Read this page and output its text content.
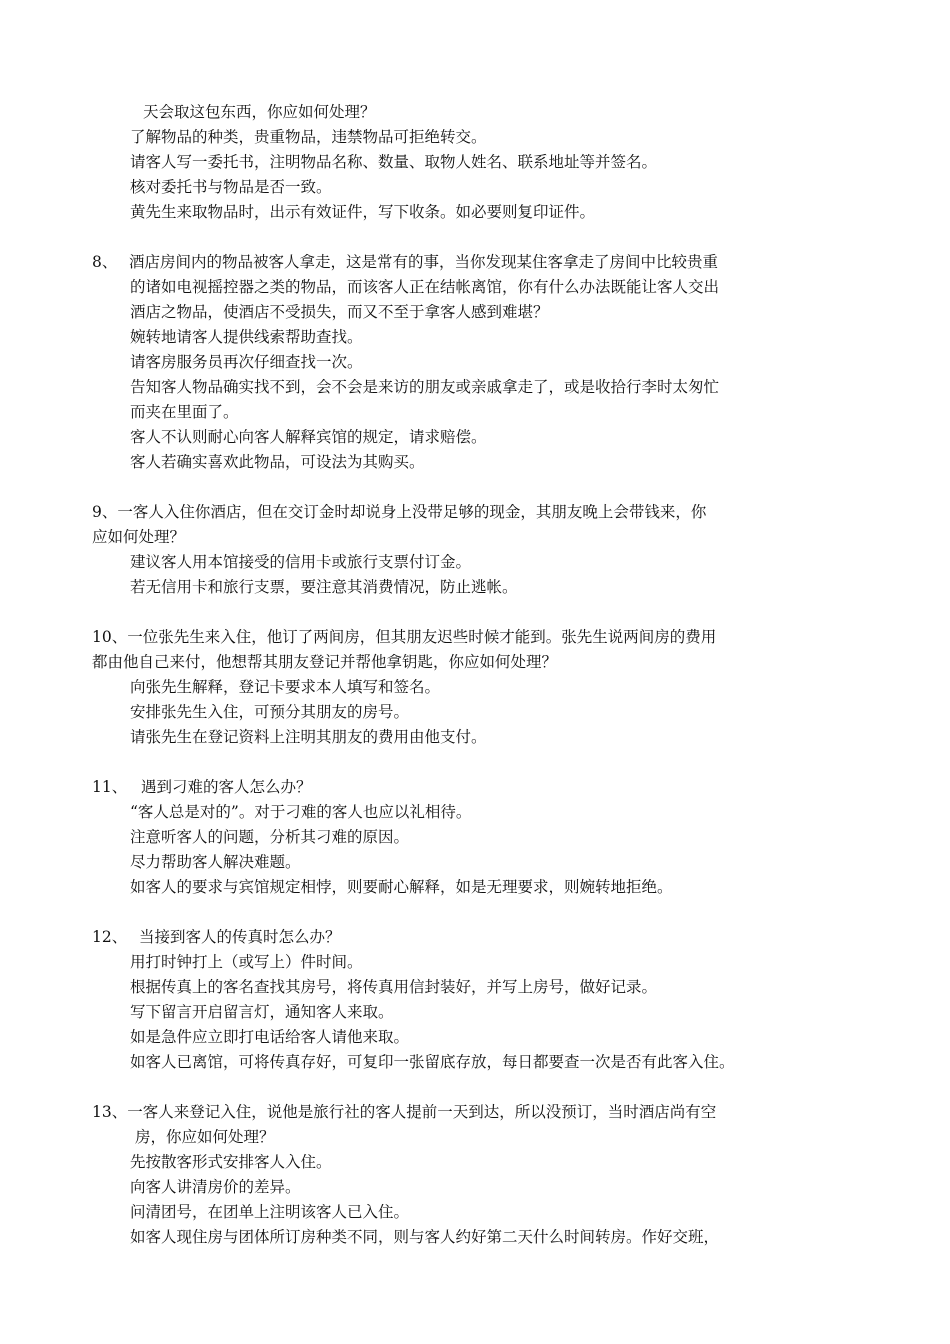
天会取这包东西，你应如何处理？
了解物品的种类，贵重物品，违禁物品可拒绝转交。
请客人写一委托书，注明物品名称、数量、取物人姓名、联系地址等并签名。
核对委托书与物品是否一致。
黄先生来取物品时，出示有效证件，写下收条。如必要则复印证件。
8、 酒店房间内的物品被客人拿走，这是常有的事，当你发现某住客拿走了房间中比较贵重
的诸如电视摇控器之类的物品，而该客人正在结帐离馆，你有什么办法既能让客人交出
酒店之物品，使酒店不受损失，而又不至于拿客人感到难堪？
婉转地请客人提供线索帮助查找。
请客房服务员再次仔细查找一次。
告知客人物品确实找不到，会不会是来访的朋友或亲戚拿走了，或是收拾行李时太匆忙
而夹在里面了。
客人不认则耐心向客人解释宾馆的规定，请求赔偿。
客人若确实喜欢此物品，可设法为其购买。
9、一客人入住你酒店，但在交订金时却说身上没带足够的现金，其朋友晚上会带钱来，你
应如何处理？
建议客人用本馆接受的信用卡或旅行支票付订金。
若无信用卡和旅行支票，要注意其消费情况，防止逃帐。
10、一位张先生来入住，他订了两间房，但其朋友迟些时候才能到。张先生说两间房的费用
都由他自己来付，他想帮其朋友登记并帮他拿钥匙，你应如何处理？
向张先生解释，登记卡要求本人填写和签名。
安排张先生入住，可预分其朋友的房号。
请张先生在登记资料上注明其朋友的费用由他支付。
11、 遇到刁难的客人怎么办？
“客人总是对的”。对于刁难的客人也应以礼相待。
注意听客人的问题，分析其刁难的原因。
尽力帮助客人解决难题。
如客人的要求与宾馆规定相悖，则要耐心解释，如是无理要求，则婉转地拒绝。
12、 当接到客人的传真时怎么办？
用打时钟打上（或写上）件时间。
根据传真上的客名查找其房号，将传真用信封装好，并写上房号，做好记录。
写下留言开启留言灯，通知客人来取。
如是急件应立即打电话给客人请他来取。
如客人已离馆，可将传真存好，可复印一张留底存放，每日都要查一次是否有此客入住。
13、一客人来登记入住，说他是旅行社的客人提前一天到达，所以没预订，当时酒店尚有空
房，你应如何处理？
先按散客形式安排客人入住。
向客人讲清房价的差异。
问清团号，在团单上注明该客人已入住。
如客人现住房与团体所订房种类不同，则与客人约好第二天什么时间转房。作好交班，
